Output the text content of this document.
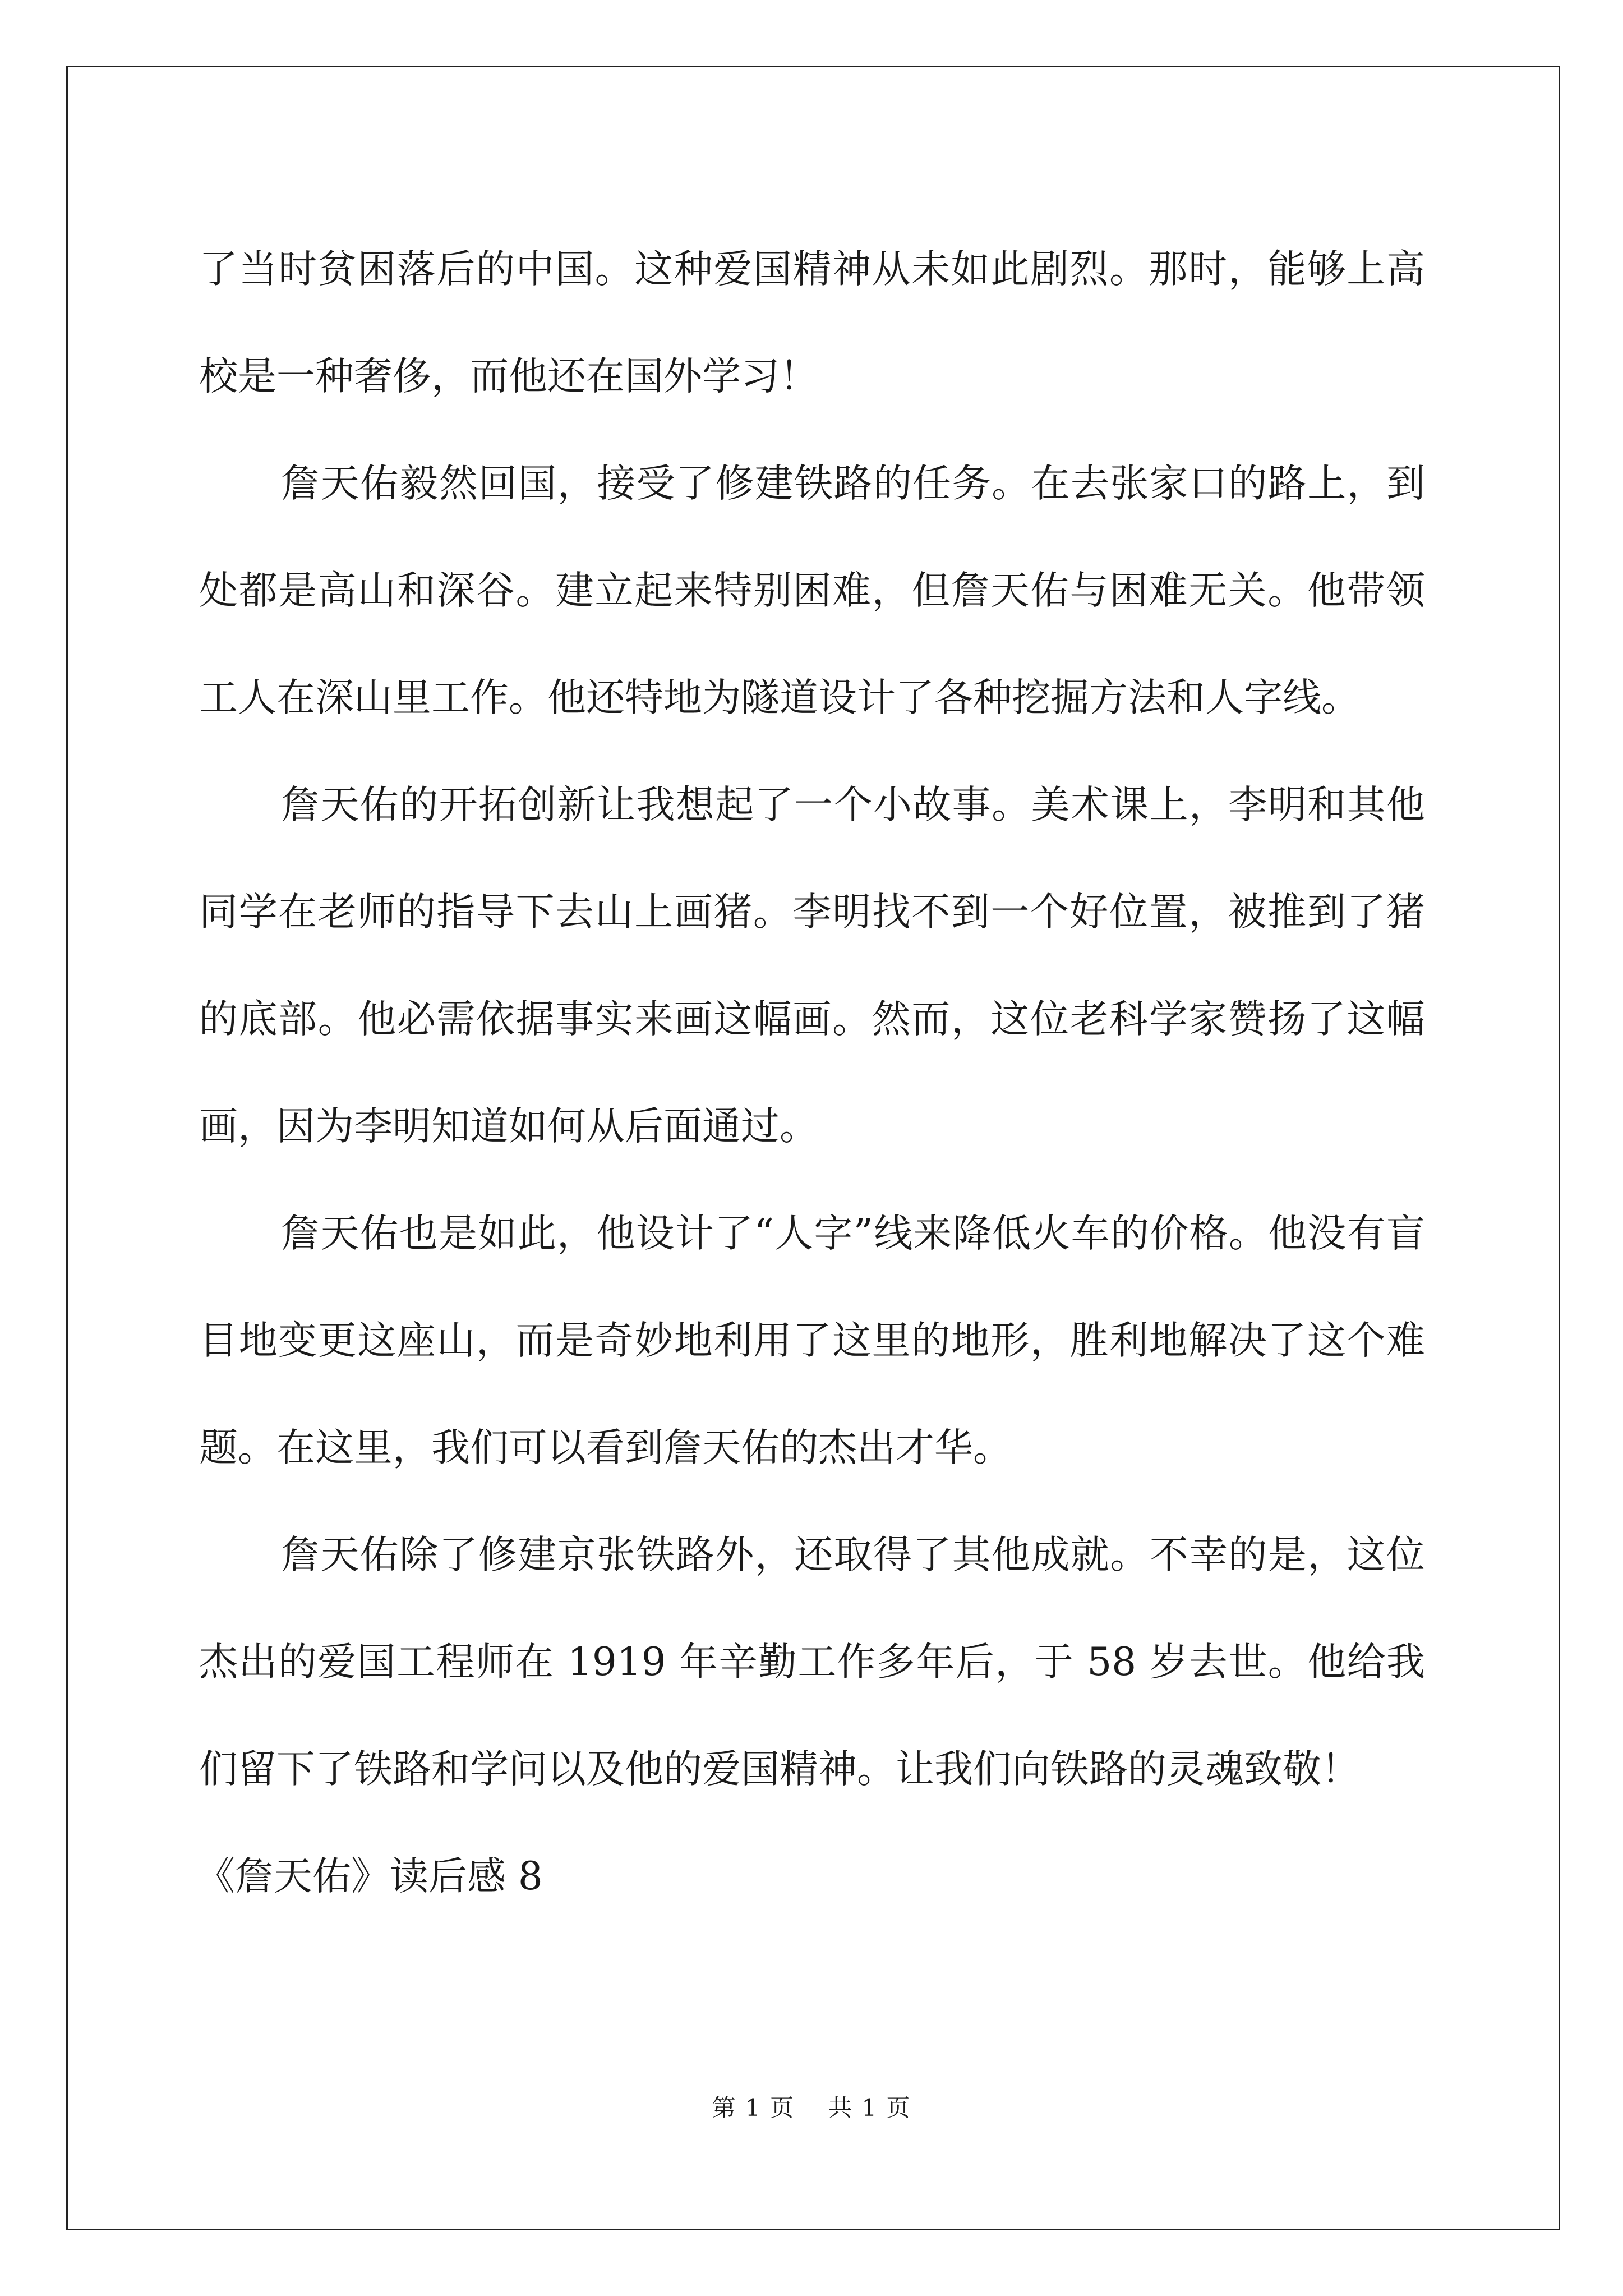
了当时贫困落后的中国。这种爱国精神从未如此剧烈。那时，能够上高校是一种奢侈，而他还在国外学习！

詹天佑毅然回国，接受了修建铁路的任务。在去张家口的路上，到处都是高山和深谷。建立起来特别困难，但詹天佑与困难无关。他带领工人在深山里工作。他还特地为隧道设计了各种挖掘方法和人字线。

詹天佑的开拓创新让我想起了一个小故事。美术课上，李明和其他同学在老师的指导下去山上画猪。李明找不到一个好位置，被推到了猪的底部。他必需依据事实来画这幅画。然而，这位老科学家赞扬了这幅画，因为李明知道如何从后面通过。

詹天佑也是如此，他设计了“人字”线来降低火车的价格。他没有盲目地变更这座山，而是奇妙地利用了这里的地形，胜利地解决了这个难题。在这里，我们可以看到詹天佑的杰出才华。

詹天佑除了修建京张铁路外，还取得了其他成就。不幸的是，这位杰出的爱国工程师在 1919 年辛勤工作多年后，于 58 岁去世。他给我们留下了铁路和学问以及他的爱国精神。让我们向铁路的灵魂致敬！

《詹天佑》读后感 8

第 1 页 共 1 页
